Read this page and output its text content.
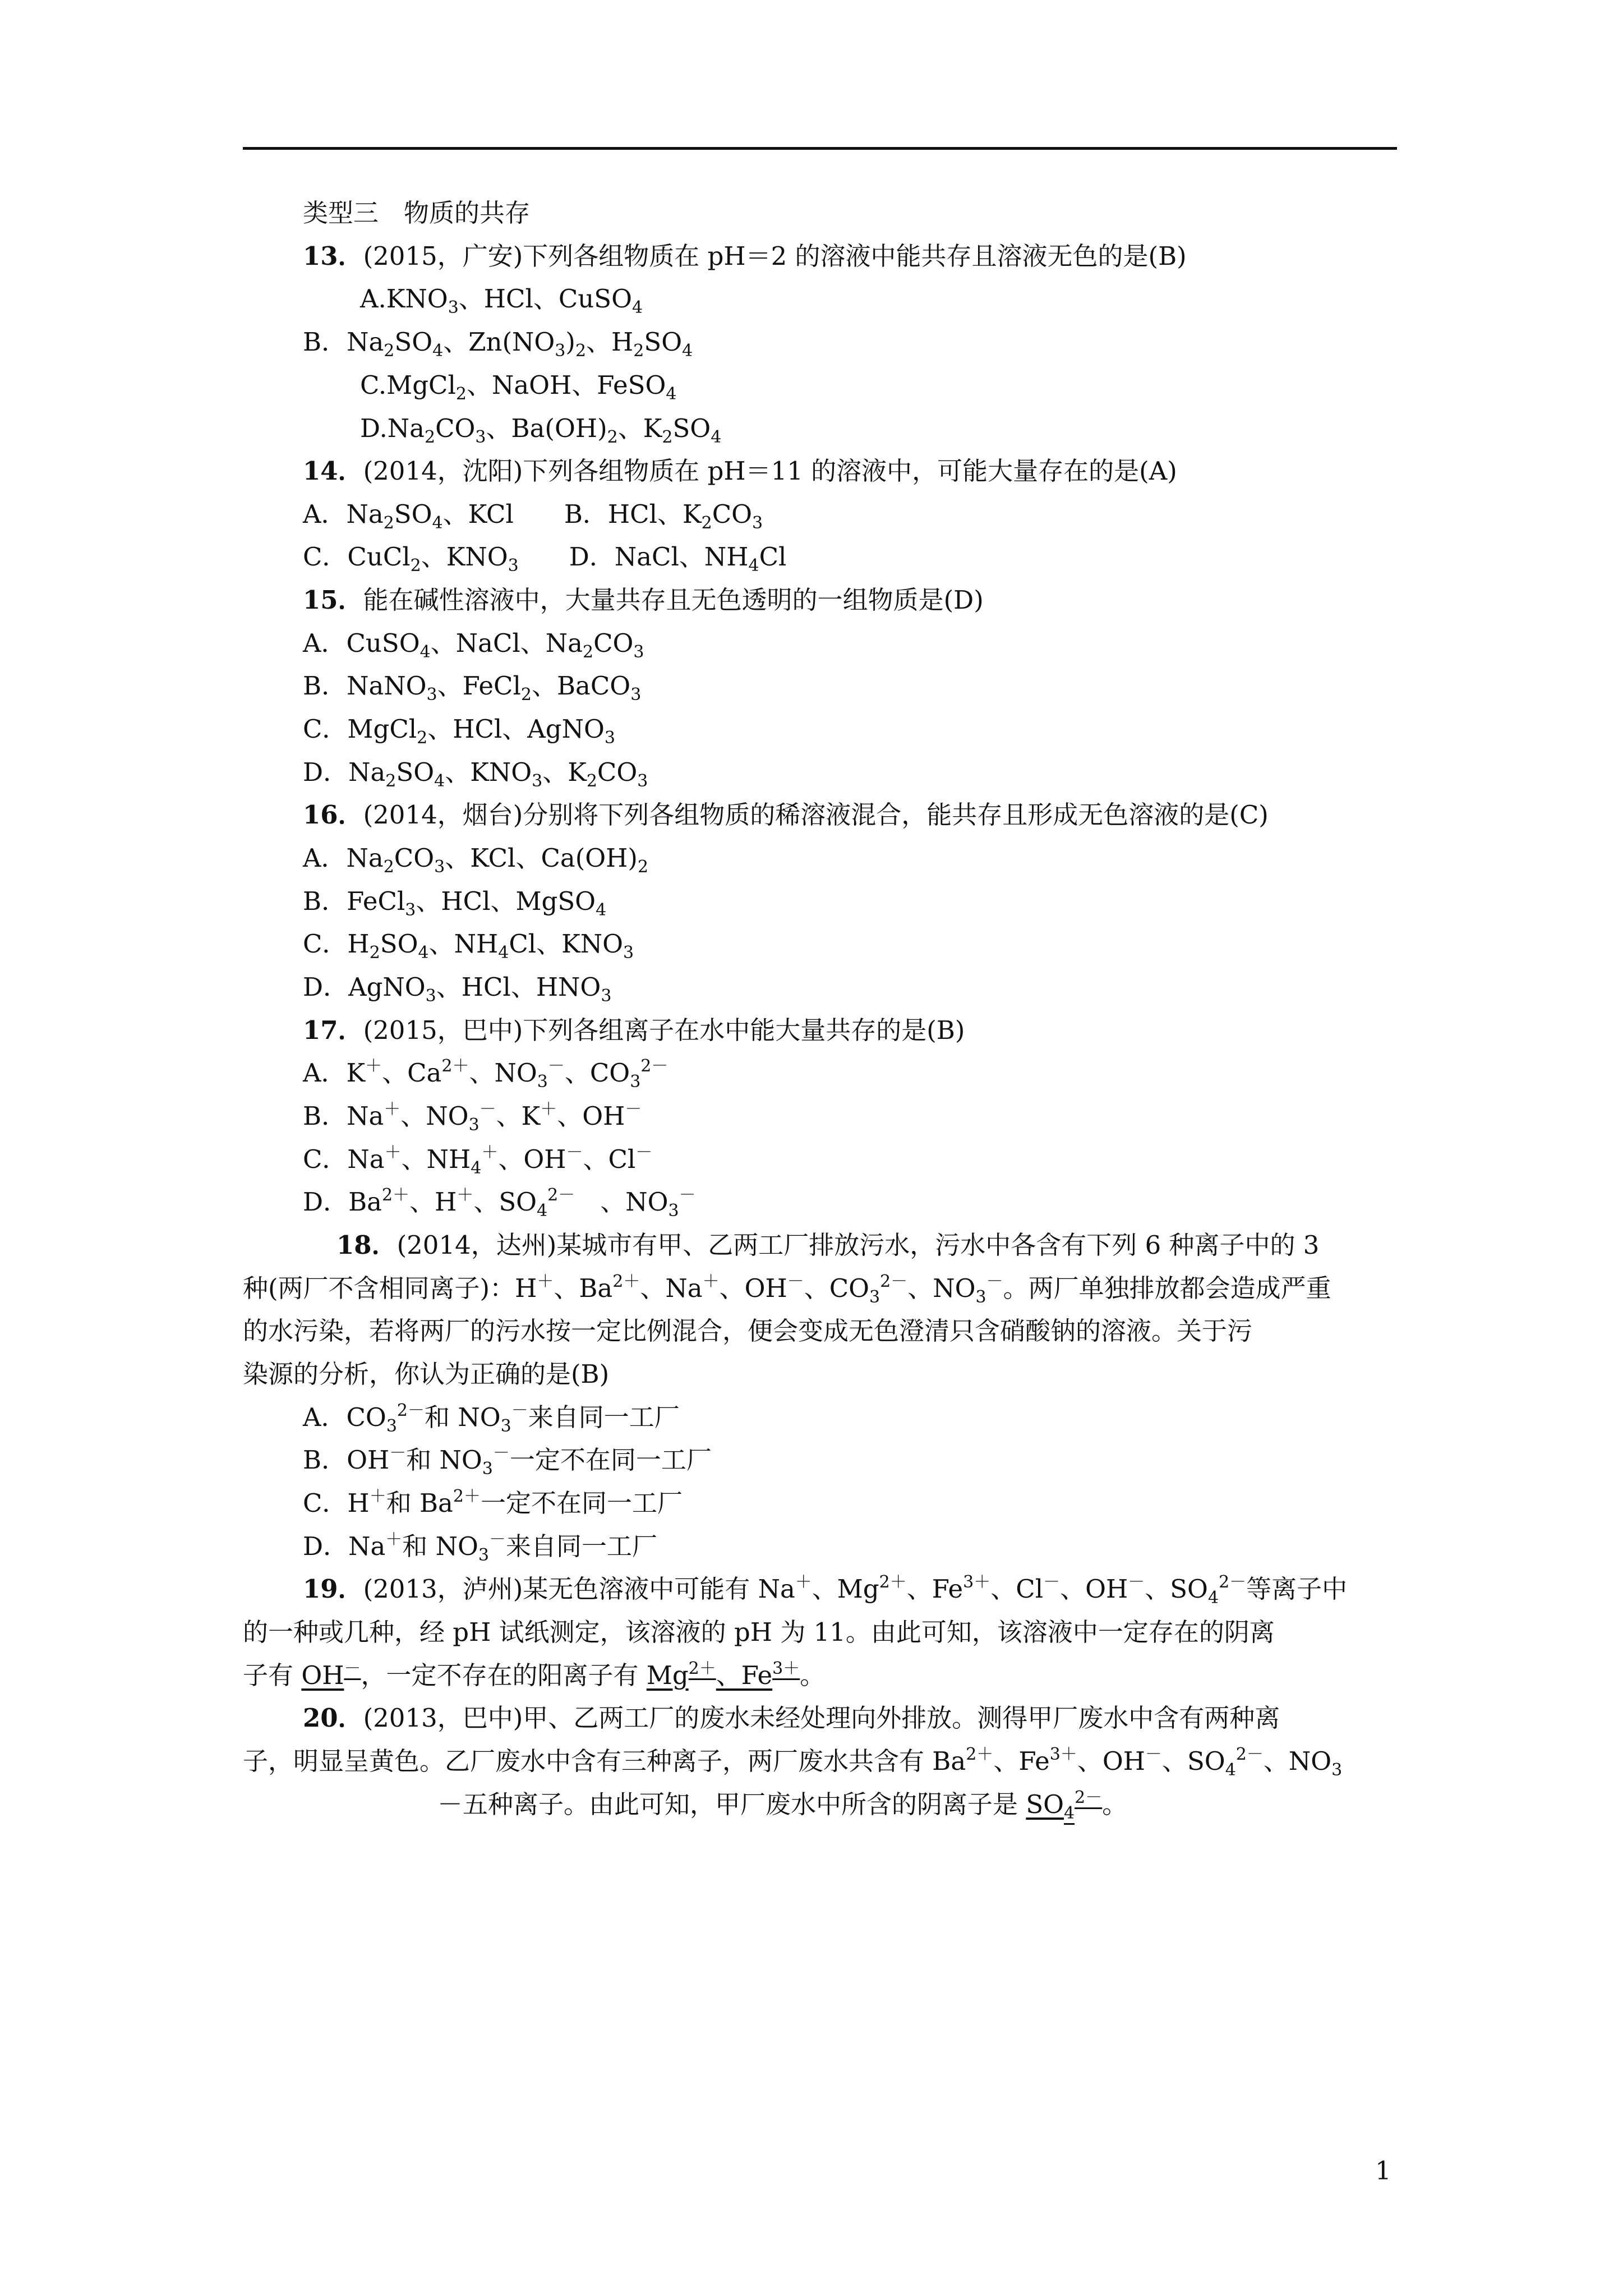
类型三　物质的共存
13．(2015，广安)下列各组物质在 pH＝2 的溶液中能共存且溶液无色的是(B)
$A.KNO_3$、HCl、CuSO$_4$
B．$Na_2SO_4$、$Zn(NO_3)_2$、$H_2SO_4$
C.MgCl$_2$、NaOH、FeSO$_4$
$D.Na_2CO_3$、$Ba(OH)_2$、$K_2SO_4$
14．(2014，沈阳)下列各组物质在 pH＝11 的溶液中，可能大量存在的是(A)
A．$Na_2SO_4$、KCl　　B．HCl、$K_2CO_3$
C．CuCl$_2$、$KNO_3$　　D．NaCl、$NH_4Cl$
15．能在碱性溶液中，大量共存且无色透明的一组物质是(D)
A．CuSO$_4$、NaCl、$Na_2CO_3$
B．NaNO$_3$、FeCl$_2$、BaCO$_3$
C．MgCl$_2$、HCl、AgNO$_3$
D．$Na_2SO_4$、$KNO_3$、$K_2CO_3$
16．(2014，烟台)分别将下列各组物质的稀溶液混合，能共存且形成无色溶液的是(C)
A．$Na_2CO_3$、KCl、$Ca(OH)_2$
B．FeCl$_3$、HCl、MgSO$_4$
C．$H_2SO_4$、$NH_4Cl$、$KNO_3$
D．AgNO$_3$、HCl、$HNO_3$
17．(2015，巴中)下列各组离子在水中能大量共存的是(B)
A．K＋、$Ca^{2+}$、$NO_3^-$、$CO_3^{2-}$
B．Na＋、$NO_3^-$、K＋、OH－
C．Na＋、$NH_4^+$、OH－、Cl－
D．$Ba^{2+}$、H＋、$SO_4^{2-}$　、$NO_3^-$
18．(2014，达州)某城市有甲、乙两工厂排放污水，污水中各含有下列 6 种离子中的 3
种(两厂不含相同离子)：H＋、$Ba^{2+}$、Na＋、OH－、$CO_3^{2-}$、$NO_3^-$。两厂单独排放都会造成严重
的水污染，若将两厂的污水按一定比例混合，便会变成无色澄清只含硝酸钠的溶液。关于污
染源的分析，你认为正确的是(B)
A．$CO_3^{2-}$和 $NO_3^-$来自同一工厂
B．OH－和 $NO_3^-$一定不在同一工厂
C．H＋和 $Ba^{2+}$一定不在同一工厂
D．Na＋和 $NO_3^-$来自同一工厂
19．(2013，泸州)某无色溶液中可能有 Na＋、$Mg^{2+}$、$Fe^{3+}$、Cl－、OH－、$SO_4^{2-}$等离子中
的一种或几种，经 pH 试纸测定，该溶液的 pH 为 11。由此可知，该溶液中一定存在的阴离
子有 OH－，一定不存在的阳离子有 $Mg^{2+}$、$Fe^{3+}$。
20．(2013，巴中)甲、乙两工厂的废水未经处理向外排放。测得甲厂废水中含有两种离
子，明显呈黄色。乙厂废水中含有三种离子，两厂废水共含有 $Ba^{2+}$、$Fe^{3+}$、OH－、$SO_4^{2-}$、$NO_3$
－五种离子。由此可知，甲厂废水中所含的阴离子是 $SO_4^{2-}$。
1
